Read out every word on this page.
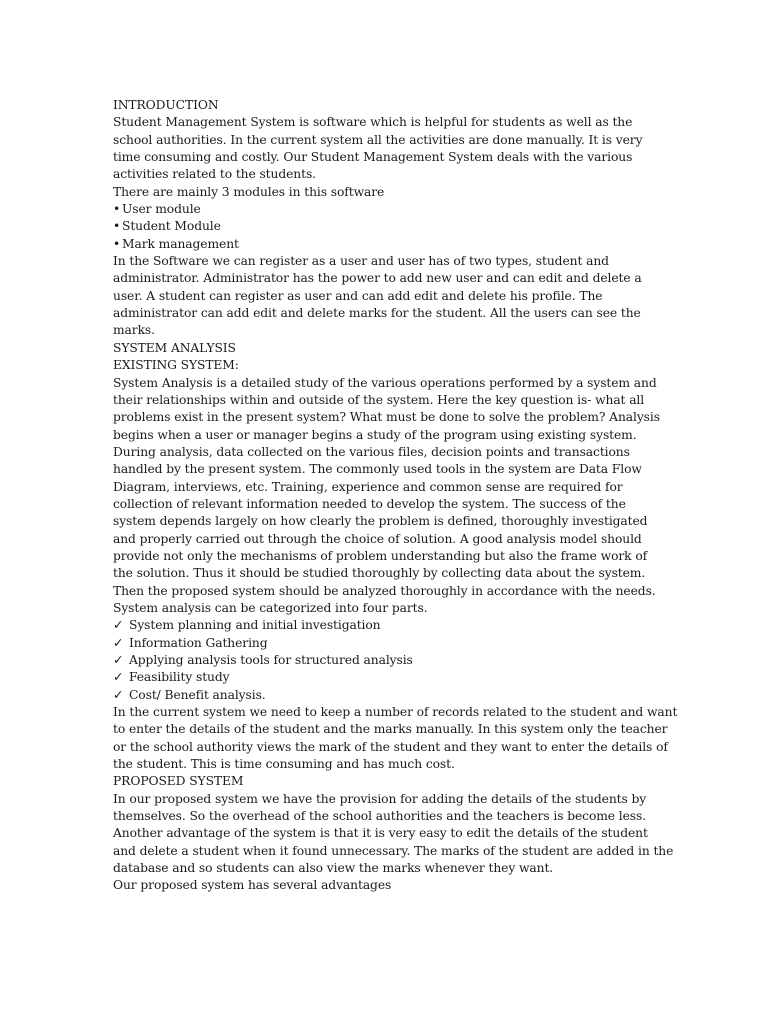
INTRODUCTION
Student Management System is software which is helpful for students as well as the
school authorities. In the current system all the activities are done manually. It is very
time consuming and costly. Our Student Management System deals with the various
activities related to the students.
There are mainly 3 modules in this software
• User module
• Student Module
• Mark management
In the Software we can register as a user and user has of two types, student and
administrator. Administrator has the power to add new user and can edit and delete a
user. A student can register as user and can add edit and delete his profile. The
administrator can add edit and delete marks for the student. All the users can see the
marks.
SYSTEM ANALYSIS
EXISTING SYSTEM:
System Analysis is a detailed study of the various operations performed by a system and
their relationships within and outside of the system. Here the key question is- what all
problems exist in the present system? What must be done to solve the problem? Analysis
begins when a user or manager begins a study of the program using existing system.
During analysis, data collected on the various files, decision points and transactions
handled by the present system. The commonly used tools in the system are Data Flow
Diagram, interviews, etc. Training, experience and common sense are required for
collection of relevant information needed to develop the system. The success of the
system depends largely on how clearly the problem is defined, thoroughly investigated
and properly carried out through the choice of solution. A good analysis model should
provide not only the mechanisms of problem understanding but also the frame work of
the solution. Thus it should be studied thoroughly by collecting data about the system.
Then the proposed system should be analyzed thoroughly in accordance with the needs.
System analysis can be categorized into four parts.
✓ System planning and initial investigation
✓ Information Gathering
✓ Applying analysis tools for structured analysis
✓ Feasibility study
✓ Cost/ Benefit analysis.
In the current system we need to keep a number of records related to the student and want
to enter the details of the student and the marks manually. In this system only the teacher
or the school authority views the mark of the student and they want to enter the details of
the student. This is time consuming and has much cost.
PROPOSED SYSTEM
In our proposed system we have the provision for adding the details of the students by
themselves. So the overhead of the school authorities and the teachers is become less.
Another advantage of the system is that it is very easy to edit the details of the student
and delete a student when it found unnecessary. The marks of the student are added in the
database and so students can also view the marks whenever they want.
Our proposed system has several advantages
